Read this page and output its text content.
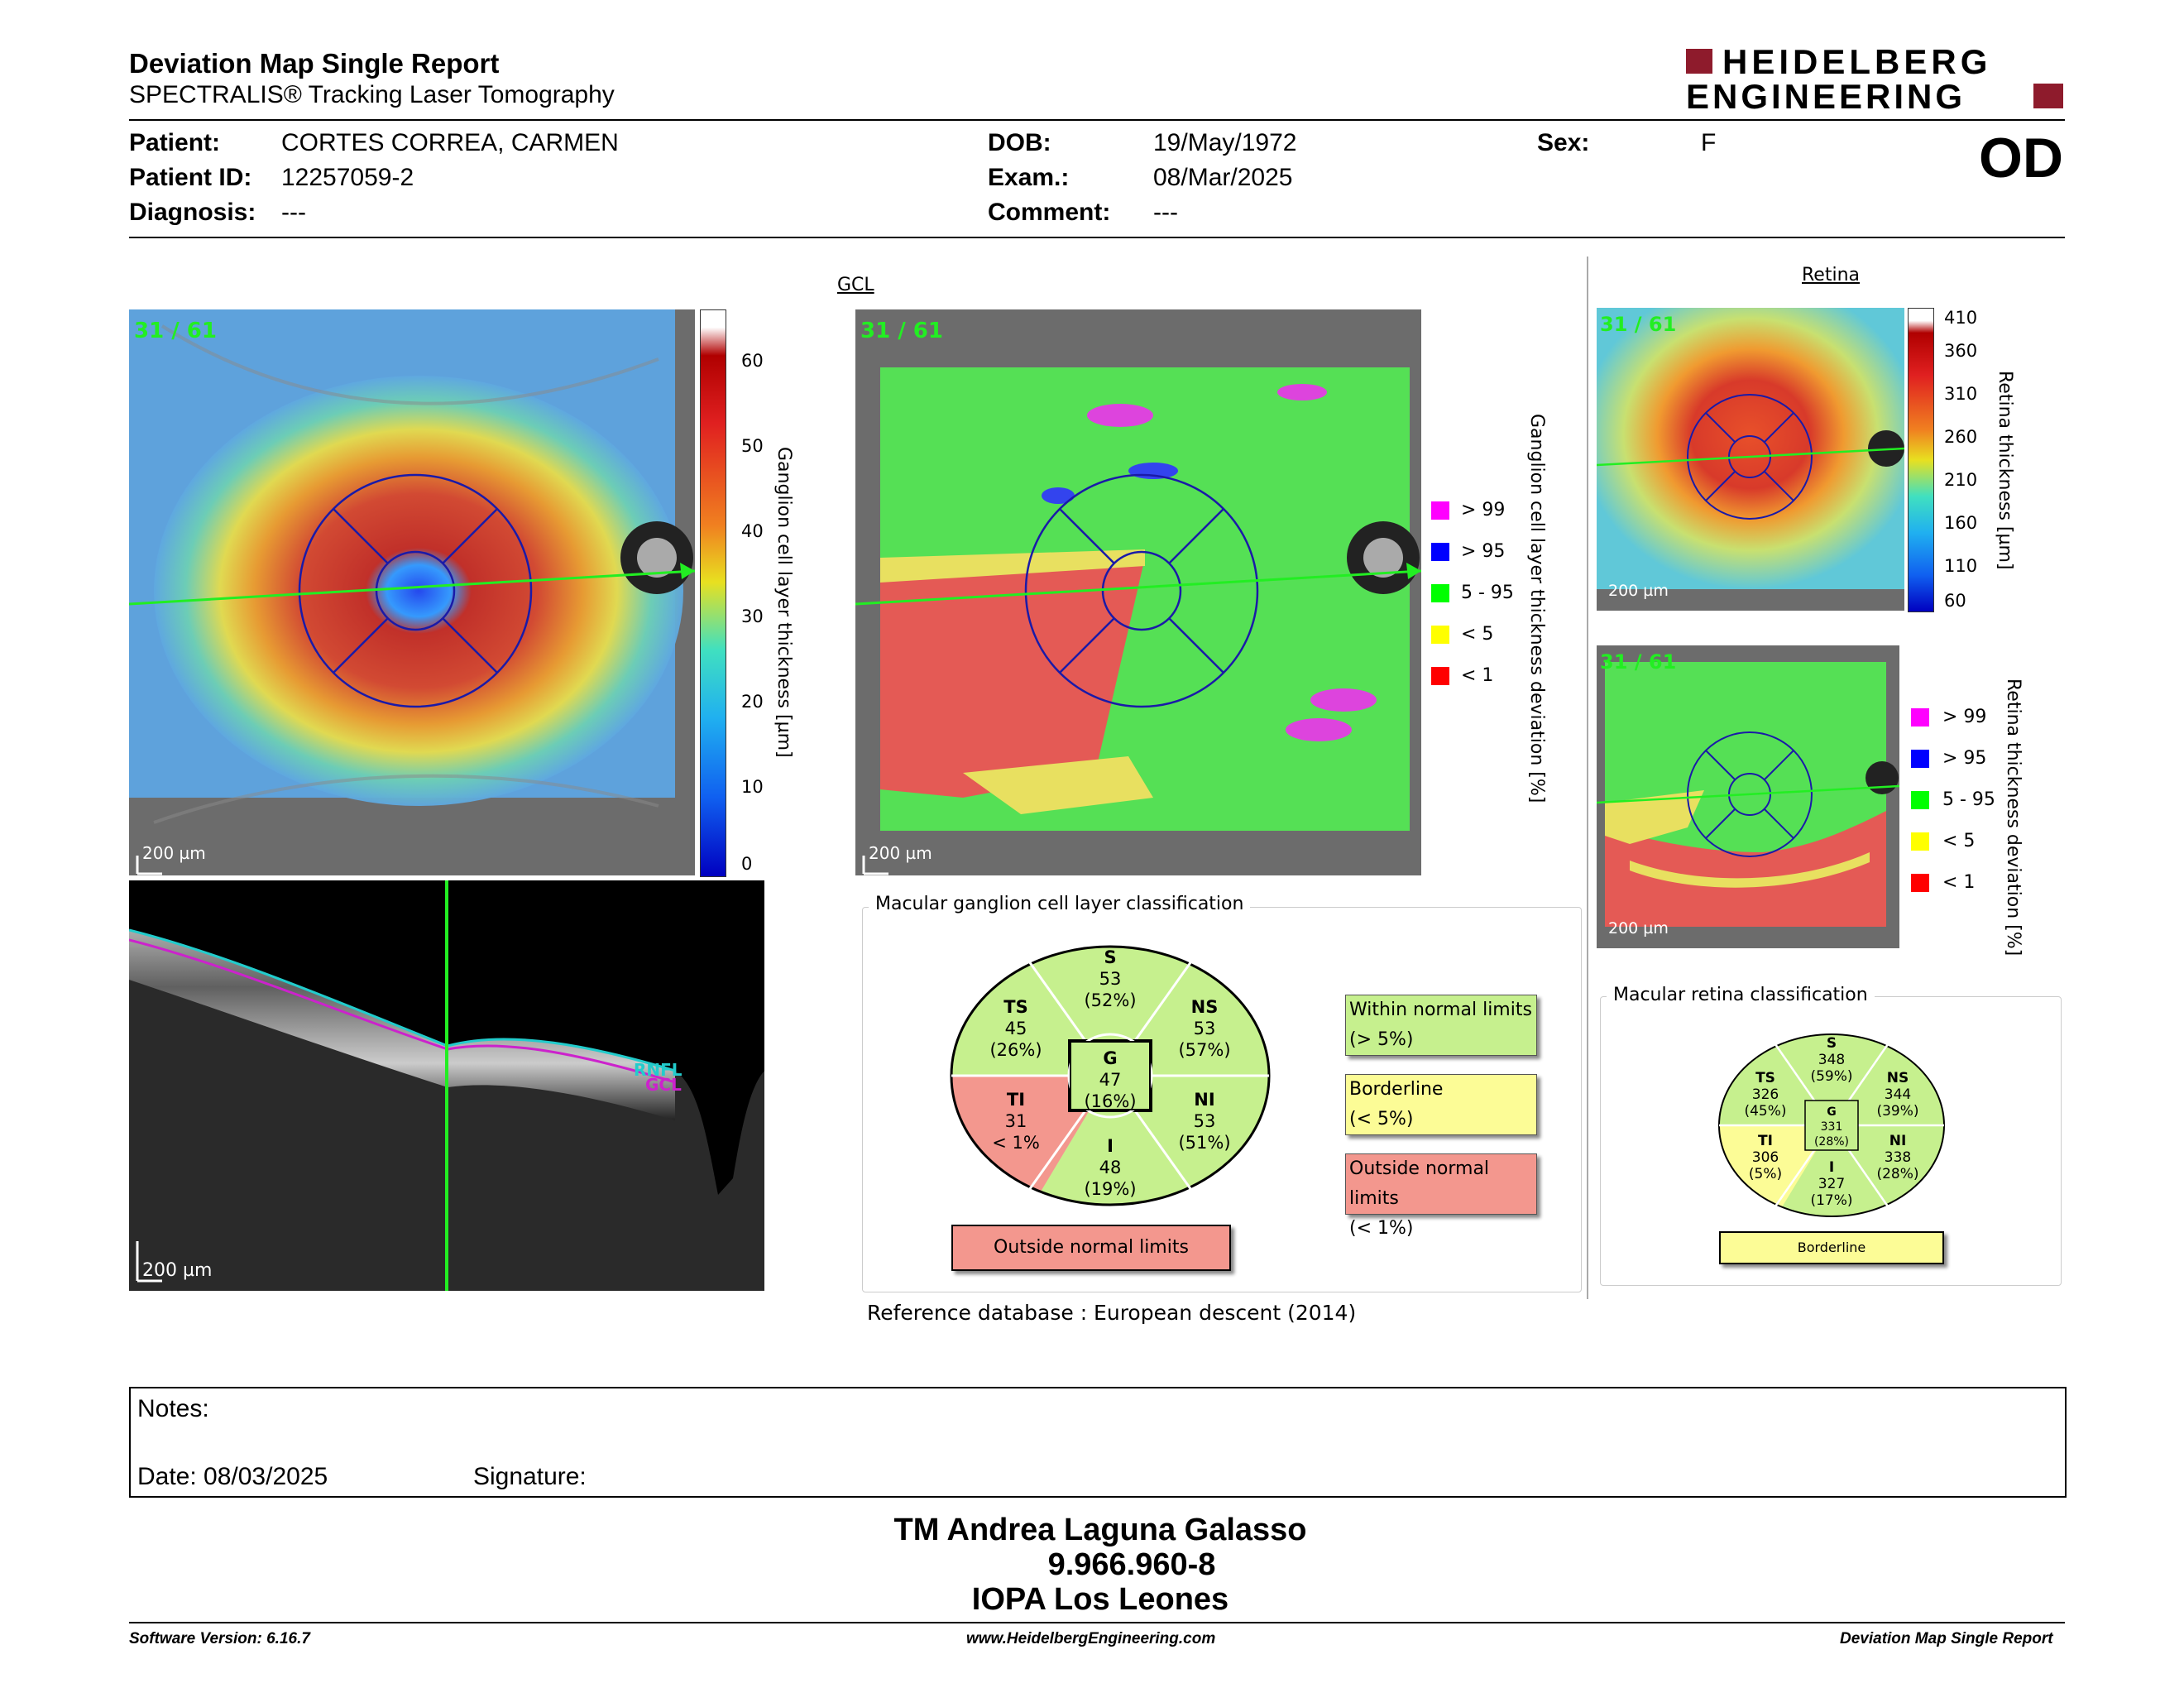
Deviation Map Single Report
SPECTRALIS® Tracking Laser Tomography
HEIDELBERG
ENGINEERING
Patient: CORTES CORREA, CARMEN
Patient ID: 12257059-2
Diagnosis: ---
DOB:	19/May/1972
Exam.:	08/Mar/2025
Comment: ---
Sex:	F	OD
31 / 61
200 µm
60
50
40
30
20
10
0
Ganglion cell layer thickness [µm]
RNFL
GCL
200 µm
GCL
31 / 61
200 µm
> 99
> 95
5 - 95
< 5
< 1 Ganglion cell layer thickness deviation [%]
Retina
31 / 61
200 µm
410
360
310
260
210
160
110
60
Retina thickness [µm]
31 / 61
200 µm
> 99
> 95
5 - 95
< 5
< 1 Retina thickness deviation [%]
Macular ganglion cell layer classification
S
53
(52%)
TS
45
(26%)
NS
53
(57%)
G
47
(16%)
TI
31
< 1%
NI
53
(51%)
I
48
(19%)
Outside normal limits
Within normal limits
(> 5%)
Borderline
(< 5%)
Outside normal limits
(< 1%)
Reference database : European descent (2014)
Macular retina classification
S
348
(59%)
TS
326
(45%)
NS
344
(39%)
G
331
(28%)
TI
306
(5%)
NI
338
(28%)
I
327
(17%)
Borderline
Notes:
Date: 08/03/2025	Signature:
TM Andrea Laguna Galasso
9.966.960-8
IOPA Los Leones
Software Version: 6.16.7	www.HeidelbergEngineering.com	Deviation Map Single Report
